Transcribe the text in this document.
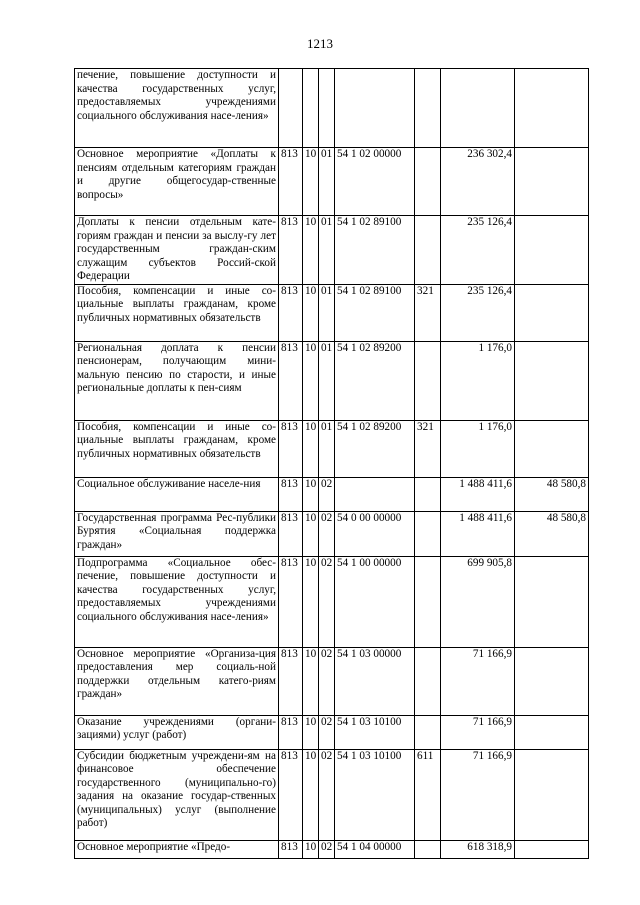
1213
печение, повышение доступности и качества государственных услуг, предоставляемых учреждениями социального обслуживания насе-ления»							
Основное мероприятие «Доплаты к пенсиям отдельным категориям граждан и другие общегосудар-ственные вопросы»	813	10	01	54 1 02 00000		236 302,4	
Доплаты к пенсии отдельным кате-гориям граждан и пенсии за выслу-гу лет государственным граждан-ским служащим субъектов Россий-ской Федерации	813	10	01	54 1 02 89100		235 126,4	
Пособия, компенсации и иные со-циальные выплаты гражданам, кроме публичных нормативных обязательств	813	10	01	54 1 02 89100	321	235 126,4	
Региональная доплата к пенсии пенсионерам, получающим мини-мальную пенсию по старости, и иные региональные доплаты к пен-сиям	813	10	01	54 1 02 89200		1 176,0	
Пособия, компенсации и иные со-циальные выплаты гражданам, кроме публичных нормативных обязательств	813	10	01	54 1 02 89200	321	1 176,0	
Социальное обслуживание населе-ния	813	10	02			1 488 411,6	48 580,8
Государственная программа Рес-публики Бурятия «Социальная поддержка граждан»	813	10	02	54 0 00 00000		1 488 411,6	48 580,8
Подпрограмма «Социальное обес-печение, повышение доступности и качества государственных услуг, предоставляемых учреждениями социального обслуживания насе-ления»	813	10	02	54 1 00 00000		699 905,8	
Основное мероприятие «Организа-ция предоставления мер социаль-ной поддержки отдельным катего-риям граждан»	813	10	02	54 1 03 00000		71 166,9	
Оказание учреждениями (органи-зациями) услуг (работ)	813	10	02	54 1 03 10100		71 166,9	
Субсидии бюджетным учреждени-ям на финансовое обеспечение государственного (муниципально-го) задания на оказание государ-ственных (муниципальных) услуг (выполнение работ)	813	10	02	54 1 03 10100	611	71 166,9	
Основное мероприятие «Предо-	813	10	02	54 1 04 00000		618 318,9	
